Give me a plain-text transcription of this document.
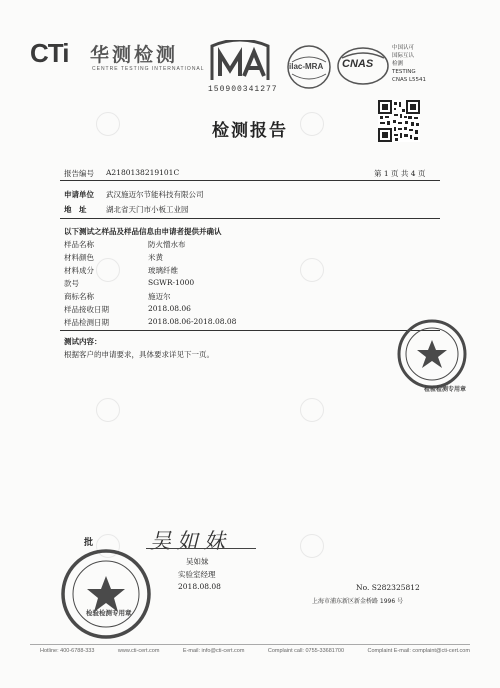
CTi 华测检测
CENTRE TESTING INTERNATIONAL
150900341277
ilac-MRA CNAS
中国认可
国际互认
检测
TESTING
CNAS L5541
检测报告
报告编号 A2180138219101C	第 1 页 共 4 页
申请单位 武汉施迈尔节能科技有限公司
地　址	湖北省天门市小板工业园
以下测试之样品及样品信息由申请者提供并确认
样品名称	防火憎水布
材料颜色	米黄
材料成分	玻璃纤维
款号	SGWR-1000
商标名称	施迈尔
样品接收日期	2018.08.06
样品检测日期	2018.08.06-2018.08.08
测试内容：
根据客户的申请要求，具体要求详见下一页。
检验检测专用章
批	吴如妹
吴如妹
实验室经理
2018.08.08
检验检测专用章
No. S282325812
上海市浦东新区新金桥路 1996 号
Hotline: 400-6788-333	www.cti-cert.com	E-mail: info@cti-cert.com	Complaint call: 0755-33681700	Complaint E-mail: complaint@cti-cert.com
